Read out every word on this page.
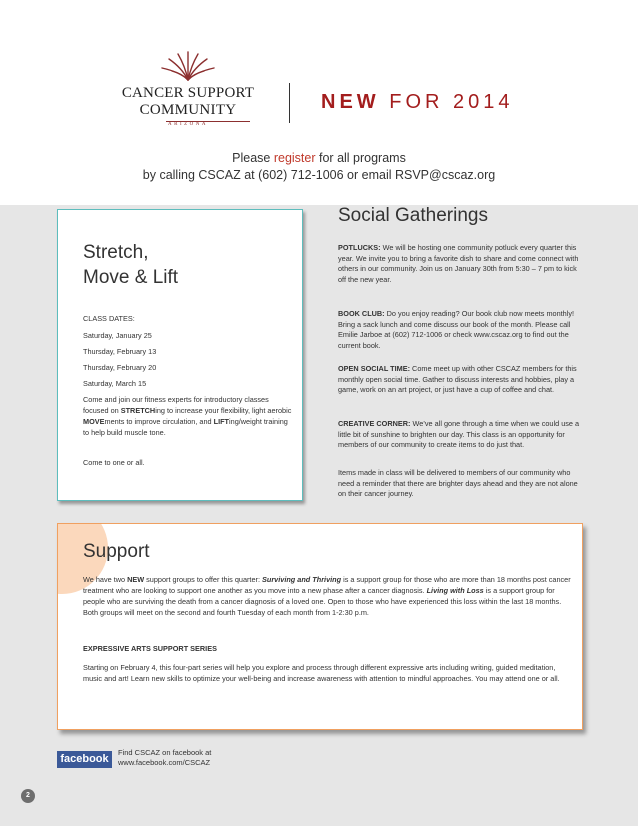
CANCER SUPPORT
COMMUNITY
ARIZONA
NEW FOR 2014
Please register for all programs
by calling CSCAZ at (602) 712-1006 or email RSVP@cscaz.org
Stretch,
Move & Lift
CLASS DATES:
Saturday, January 25
Thursday, February 13
Thursday, February 20
Saturday, March 15
Come and join our fitness experts for introductory classes focused on STRETCHing to increase your flexibility, light aerobic MOVEments to improve circulation, and LIFTing/weight training to help build muscle tone.
Come to one or all.
Social Gatherings
POTLUCKS: We will be hosting one community potluck every quarter this year. We invite you to bring a favorite dish to share and come connect with others in our community. Join us on January 30th from 5:30 – 7 pm to kick off the new year.
BOOK CLUB: Do you enjoy reading? Our book club now meets monthly! Bring a sack lunch and come discuss our book of the month. Please call Emilie Jarboe at (602) 712-1006 or check www.cscaz.org to find out the current book.
OPEN SOCIAL TIME: Come meet up with other CSCAZ members for this monthly open social time. Gather to discuss interests and hobbies, play a game, work on an art project, or just have a cup of coffee and chat.
CREATIVE CORNER: We’ve all gone through a time when we could use a little bit of sunshine to brighten our day. This class is an opportunity for members of our community to create items to do just that.
Items made in class will be delivered to members of our community who need a reminder that there are brighter days ahead and they are not alone on their cancer journey.
Support
We have two NEW support groups to offer this quarter: Surviving and Thriving is a support group for those who are more than 18 months post cancer treatment who are looking to support one another as you move into a new phase after a cancer diagnosis. Living with Loss is a support group for people who are surviving the death from a cancer diagnosis of a loved one. Open to those who have experienced this loss within the last 18 months. Both groups will meet on the second and fourth Tuesday of each month from 1-2:30 p.m.
EXPRESSIVE ARTS SUPPORT SERIES
Starting on February 4, this four-part series will help you explore and process through different expressive arts including writing, guided meditation, music and art! Learn new skills to optimize your well-being and increase awareness with attention to mindful approaches. You may attend one or all.
facebook
Find CSCAZ on facebook at
www.facebook.com/CSCAZ
2
